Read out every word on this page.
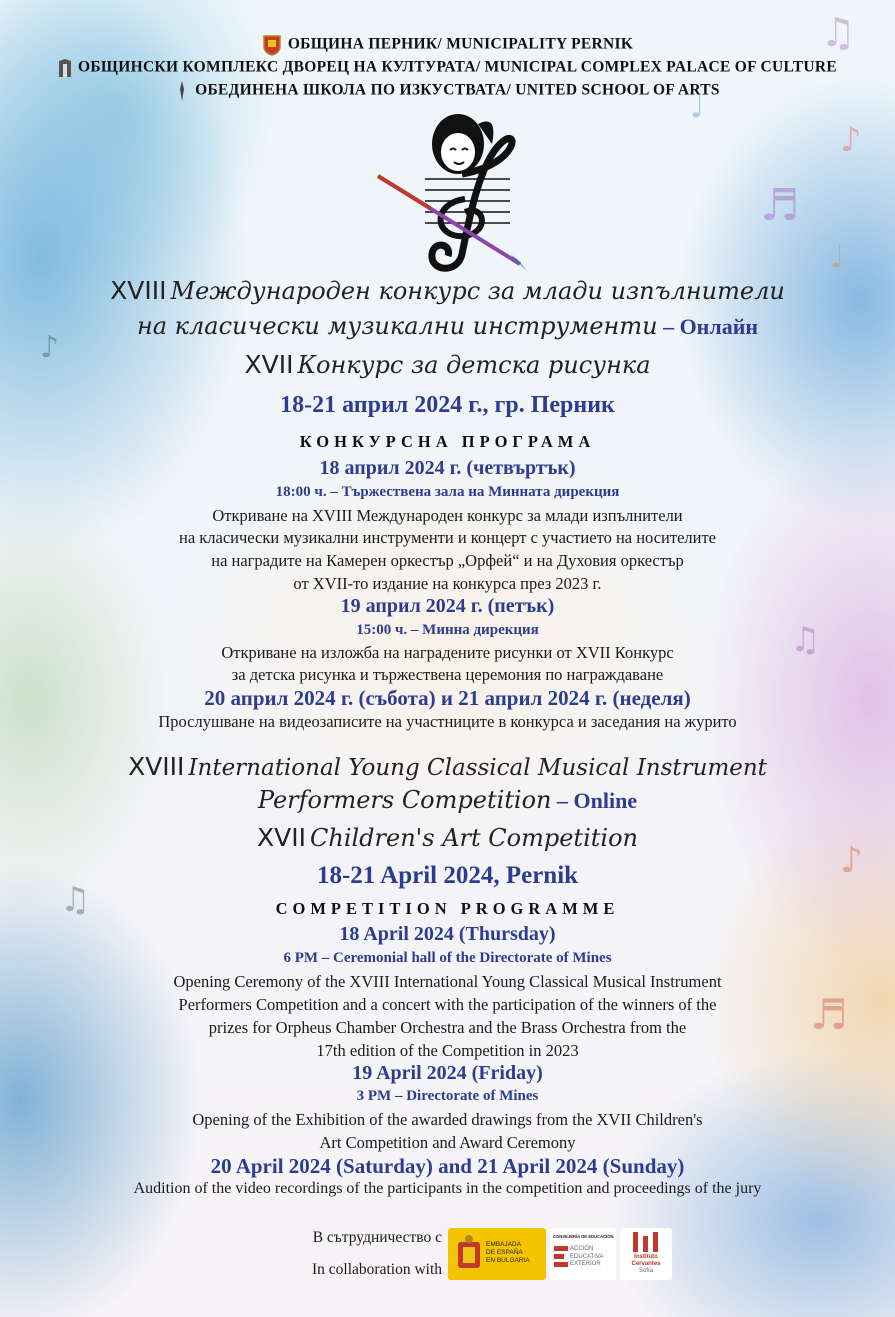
♫
♪
♬
♩
♫
♪
♬
♪
♫
♩
ОБЩИНА ПЕРНИК/ MUNICIPALITY PERNIK
ОБЩИНСКИ КОМПЛЕКС ДВОРЕЦ НА КУЛТУРАТА/ MUNICIPAL COMPLEX PALACE OF CULTURE
ОБЕДИНЕНА ШКОЛА ПО ИЗКУСТВАТА/ UNITED SCHOOL OF ARTS
XVIII Международен конкурс за млади изпълнители
на класически музикални инструменти – Онлайн
XVII Конкурс за детска рисунка
18-21 април 2024 г., гр. Перник
КОНКУРСНА ПРОГРАМА
18 април 2024 г. (четвъртък)
18:00 ч. – Тържествена зала на Минната дирекция
Откриване на XVIII Международен конкурс за млади изпълнители
на класически музикални инструменти и концерт с участието на носителите
на наградите на Камерен оркестър „Орфей“ и на Духовия оркестър
от XVII-то издание на конкурса през 2023 г.
19 април 2024 г. (петък)
15:00 ч. – Минна дирекция
Откриване на изложба на наградените рисунки от XVII Конкурс
за детска рисунка и тържествена церемония по награждаване
20 април 2024 г. (събота) и 21 април 2024 г. (неделя)
Прослушване на видеозаписите на участниците в конкурса и заседания на журито
XVIII International Young Classical Musical Instrument
Performers Competition – Online
XVII Children's Art Competition
18-21 April 2024, Pernik
COMPETITION PROGRAMME
18 April 2024 (Thursday)
6 PM – Ceremonial hall of the Directorate of Mines
Opening Ceremony of the XVIII International Young Classical Musical Instrument
Performers Competition and a concert with the participation of the winners of the
prizes for Orpheus Chamber Orchestra and the Brass Orchestra from the
17th edition of the Competition in 2023
19 April 2024 (Friday)
3 PM – Directorate of Mines
Opening of the Exhibition of the awarded drawings from the XVII Children's
Art Competition and Award Ceremony
20 April 2024 (Saturday) and 21 April 2024 (Sunday)
Audition of the video recordings of the participants in the competition and proceedings of the jury
В сътрудничество с
In collaboration with
EMBAJADA
DE ESPAÑA
EN BULGARIA
CONSEJERÍA DE EDUCACIÓN
ACCIÓN
EDUCATIVA
EXTERIOR
Instituto
Cervantes
Sofía
